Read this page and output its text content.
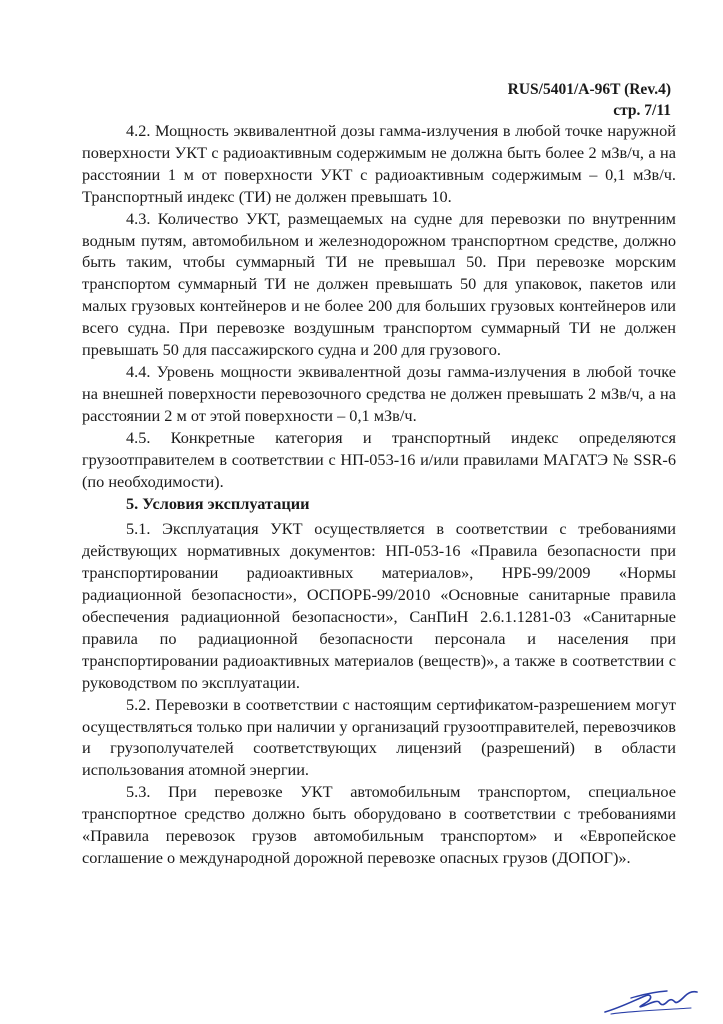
RUS/5401/A-96T (Rev.4)
стр. 7/11

4.2. Мощность эквивалентной дозы гамма-излучения в любой точке наружной поверхности УКТ с радиоактивным содержимым не должна быть более 2 мЗв/ч, а на расстоянии 1 м от поверхности УКТ с радиоактивным содержимым – 0,1 мЗв/ч. Транспортный индекс (ТИ) не должен превышать 10.

4.3. Количество УКТ, размещаемых на судне для перевозки по внутренним водным путям, автомобильном и железнодорожном транспортном средстве, должно быть таким, чтобы суммарный ТИ не превышал 50. При перевозке морским транспортом суммарный ТИ не должен превышать 50 для упаковок, пакетов или малых грузовых контейнеров и не более 200 для больших грузовых контейнеров или всего судна. При перевозке воздушным транспортом суммарный ТИ не должен превышать 50 для пассажирского судна и 200 для грузового.

4.4. Уровень мощности эквивалентной дозы гамма-излучения в любой точке на внешней поверхности перевозочного средства не должен превышать 2 мЗв/ч, а на расстоянии 2 м от этой поверхности – 0,1 мЗв/ч.

4.5. Конкретные категория и транспортный индекс определяются грузоотправителем в соответствии с НП-053-16 и/или правилами МАГАТЭ № SSR-6 (по необходимости).

5. Условия эксплуатации

5.1. Эксплуатация УКТ осуществляется в соответствии с требованиями действующих нормативных документов: НП-053-16 «Правила безопасности при транспортировании радиоактивных материалов», НРБ-99/2009 «Нормы радиационной безопасности», ОСПОРБ-99/2010 «Основные санитарные правила обеспечения радиационной безопасности», СанПиН 2.6.1.1281-03 «Санитарные правила по радиационной безопасности персонала и населения при транспортировании радиоактивных материалов (веществ)», а также в соответствии с руководством по эксплуатации.

5.2. Перевозки в соответствии с настоящим сертификатом-разрешением могут осуществляться только при наличии у организаций грузоотправителей, перевозчиков и грузополучателей соответствующих лицензий (разрешений) в области использования атомной энергии.

5.3. При перевозке УКТ автомобильным транспортом, специальное транспортное средство должно быть оборудовано в соответствии с требованиями «Правила перевозок грузов автомобильным транспортом» и «Европейское соглашение о международной дорожной перевозке опасных грузов (ДОПОГ)».
